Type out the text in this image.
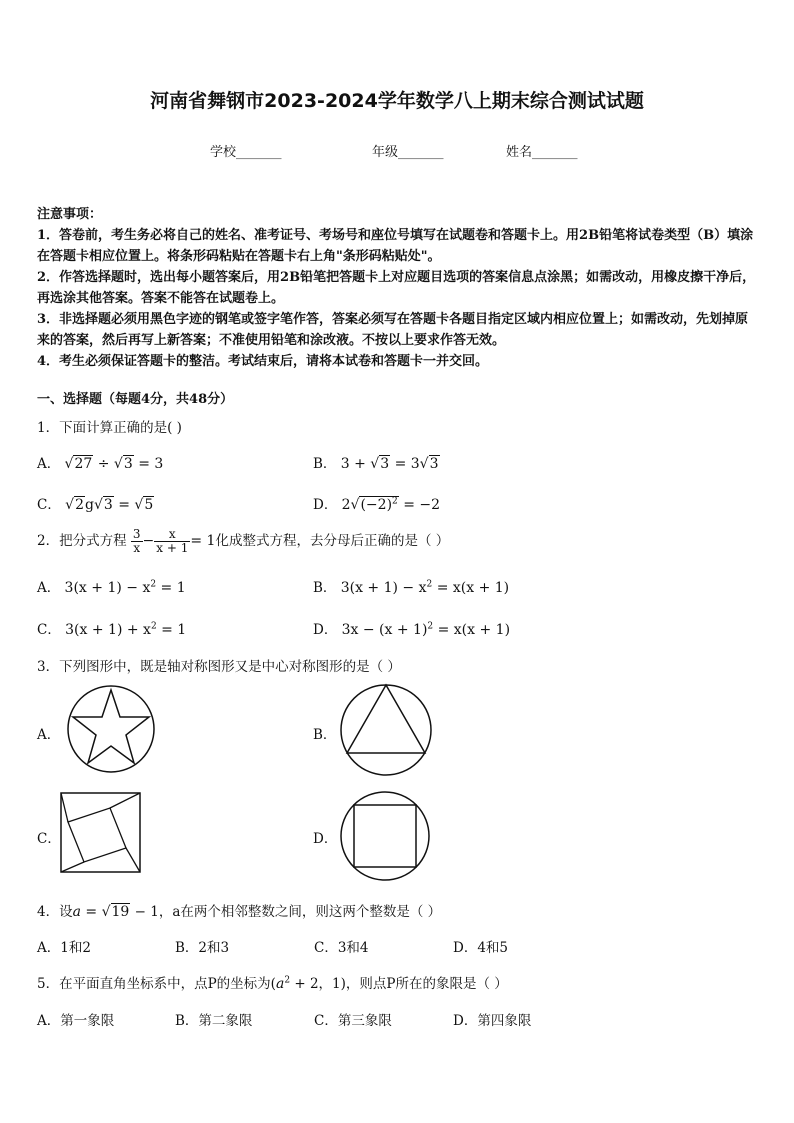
河南省舞钢市2023-2024学年数学八上期末综合测试试题
学校_______	年级_______	姓名_______
注意事项：

1．答卷前，考生务必将自己的姓名、准考证号、考场号和座位号填写在试题卷和答题卡上。用2B铅笔将试卷类型（B）填涂在答题卡相应位置上。将条形码粘贴在答题卡右上角"条形码粘贴处"。

2．作答选择题时，选出每小题答案后，用2B铅笔把答题卡上对应题目选项的答案信息点涂黑；如需改动，用橡皮擦干净后，再选涂其他答案。答案不能答在试题卷上。

3．非选择题必须用黑色字迹的钢笔或签字笔作答，答案必须写在答题卡各题目指定区域内相应位置上；如需改动，先划掉原来的答案，然后再写上新答案；不准使用铅笔和涂改液。不按以上要求作答无效。

4．考生必须保证答题卡的整洁。考试结束后，请将本试卷和答题卡一并交回。

一、选择题（每题4分，共48分）
1．下面计算正确的是( )
A． √27 ÷ √3 = 3	B． 3 + √3 = 3√3
C． √2g√3 = √5	D． $2√(-2)^2 = -2$
2．把分式方程 $\frac{3}{x} - \frac{x}{x + 1} = 1$化成整式方程，去分母后正确的是（ ）
A． $3(x + 1) - x^2 = 1$	B． $3(x + 1) - x^2 = x(x + 1)$
C． $3(x + 1) + x^2 = 1$	D． $3x - (x + 1)^2 = x(x + 1)$
3．下列图形中，既是轴对称图形又是中心对称图形的是（ ）
A．	B．
C．	D．
4．设a = √19 − 1，a在两个相邻整数之间，则这两个整数是（ ）
A．1和2	B．2和3	C．3和4	D．4和5
5．在平面直角坐标系中，点P的坐标为($a^2 + 2$，1)，则点P所在的象限是（ ）
A．第一象限	B．第二象限	C．第三象限	D．第四象限
